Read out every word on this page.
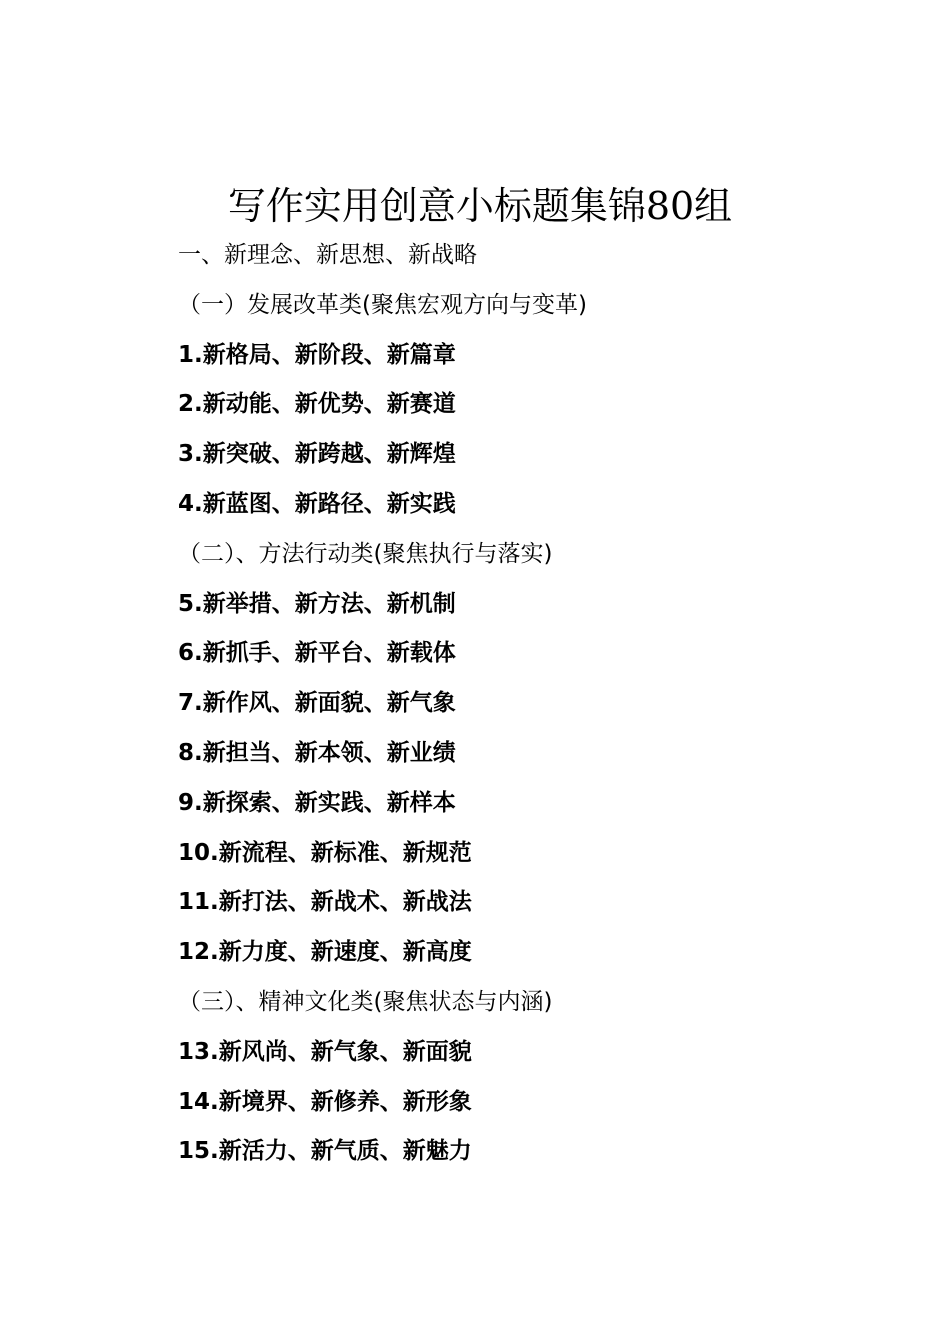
写作实用创意小标题集锦80组
一、新理念、新思想、新战略
（一）发展改革类(聚焦宏观方向与变革)
1.新格局、新阶段、新篇章
2.新动能、新优势、新赛道
3.新突破、新跨越、新辉煌
4.新蓝图、新路径、新实践
（二）、方法行动类(聚焦执行与落实)
5.新举措、新方法、新机制
6.新抓手、新平台、新载体
7.新作风、新面貌、新气象
8.新担当、新本领、新业绩
9.新探索、新实践、新样本
10.新流程、新标准、新规范
11.新打法、新战术、新战法
12.新力度、新速度、新高度
（三）、精神文化类(聚焦状态与内涵)
13.新风尚、新气象、新面貌
14.新境界、新修养、新形象
15.新活力、新气质、新魅力
